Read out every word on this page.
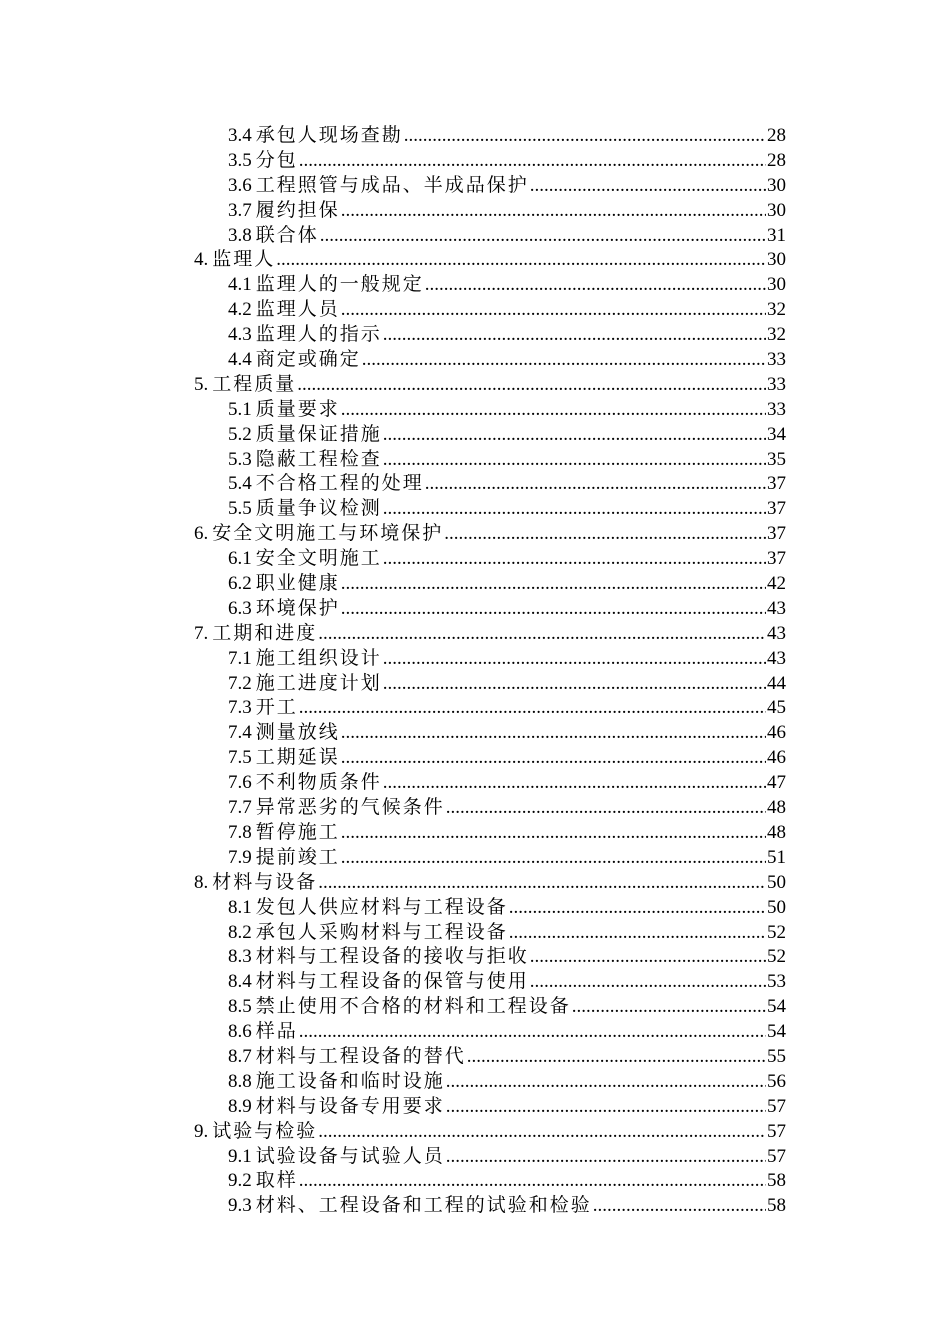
3.4 承包人现场查勘 .....	28
3.5 分包 .....	28
3.6 工程照管与成品、半成品保护 .....	30
3.7 履约担保 .....	30
3.8 联合体 .....	31
4. 监理人 .....	30
4.1 监理人的一般规定 .....	30
4.2 监理人员 .....	32
4.3 监理人的指示 .....	32
4.4 商定或确定 .....	33
5. 工程质量 .....	33
5.1 质量要求 .....	33
5.2 质量保证措施 .....	34
5.3 隐蔽工程检查 .....	35
5.4 不合格工程的处理 .....	37
5.5 质量争议检测 .....	37
6. 安全文明施工与环境保护 .....	37
6.1 安全文明施工 .....	37
6.2 职业健康 .....	42
6.3 环境保护 .....	43
7. 工期和进度 .....	43
7.1 施工组织设计 .....	43
7.2 施工进度计划 .....	44
7.3 开工 .....	45
7.4 测量放线 .....	46
7.5 工期延误 .....	46
7.6 不利物质条件 .....	47
7.7 异常恶劣的气候条件 .....	48
7.8 暂停施工 .....	48
7.9 提前竣工 .....	51
8. 材料与设备 .....	50
8.1 发包人供应材料与工程设备 .....	50
8.2 承包人采购材料与工程设备 .....	52
8.3 材料与工程设备的接收与拒收 .....	52
8.4 材料与工程设备的保管与使用 .....	53
8.5 禁止使用不合格的材料和工程设备 .....	54
8.6 样品 .....	54
8.7 材料与工程设备的替代 .....	55
8.8 施工设备和临时设施 .....	56
8.9 材料与设备专用要求 .....	57
9. 试验与检验 .....	57
9.1 试验设备与试验人员 .....	57
9.2 取样 .....	58
9.3 材料、工程设备和工程的试验和检验 .....	58
